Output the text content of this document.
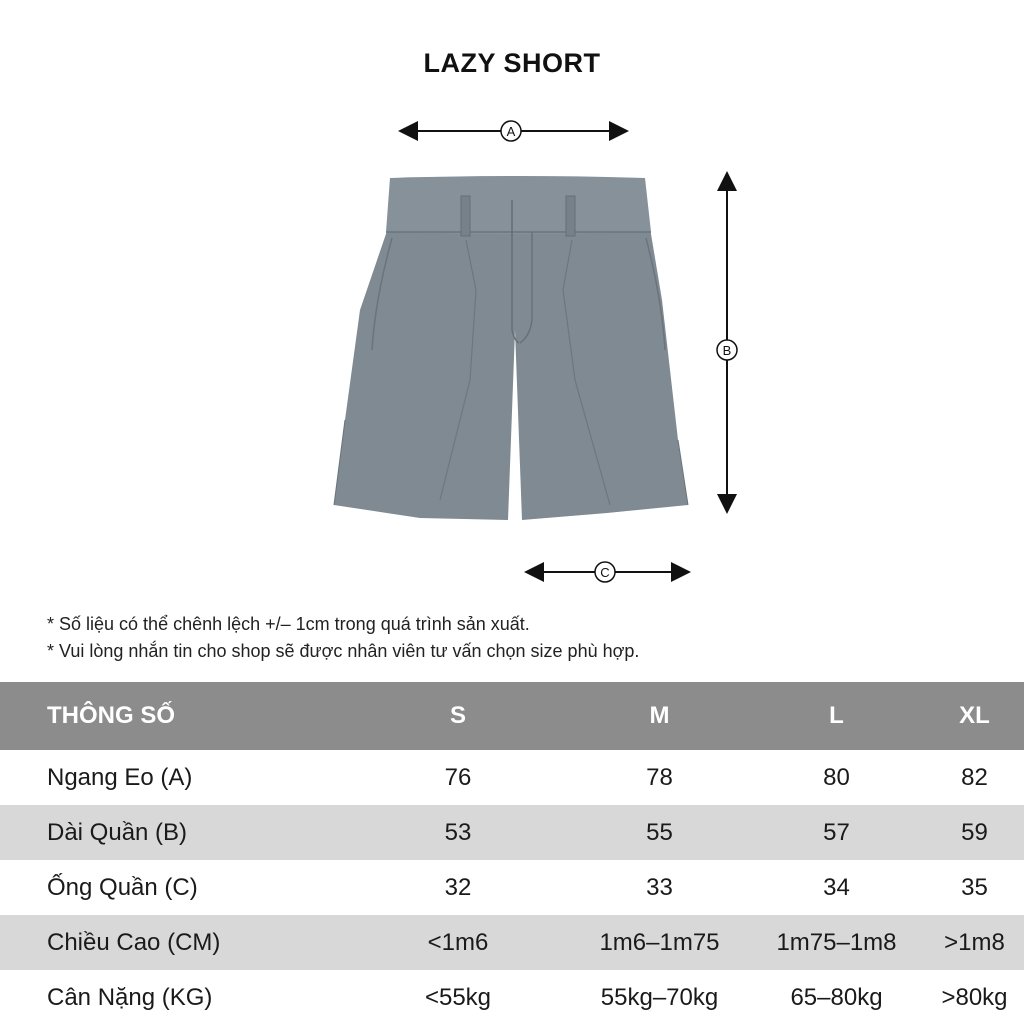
LAZY SHORT
A
B
C
* Số liệu có thể chênh lệch +/– 1cm trong quá trình sản xuất.
* Vui lòng nhắn tin cho shop sẽ được nhân viên tư vấn chọn size phù hợp.
THÔNG SỐ	S	M	L	XL
Ngang Eo (A)	76	78	80	82
Dài Quần (B)	53	55	57	59
Ống Quần (C)	32	33	34	35
Chiều Cao (CM)	<1m6	1m6–1m75	1m75–1m8	>1m8
Cân Nặng (KG)	<55kg	55kg–70kg	65–80kg	>80kg
